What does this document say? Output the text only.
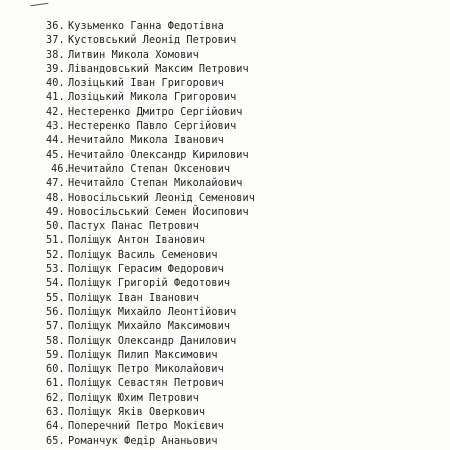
36. Кузьменко Ганна Федотівна
37. Кустовський Леонід Петрович
38. Литвин Микола Хомович
39. Лівандовський Максим Петрович
40. Лозіцький Іван Григорович
41. Лозіцький Микола Григорович
42. Нестеренко Дмитро Сергійович
43. Нестеренко Павло Сергійович
44. Нечитайло Микола Іванович
45. Нечитайло Олександр Кирилович
46.Нечитайло Степан Оксенович
47. Нечитайло Степан Миколайович
48. Новосільський Леонід Семенович
49. Новосільський Семен Йосипович
50. Пастух Панас Петрович
51. Поліщук Антон Іванович
52. Поліщук Василь Семенович
53. Поліщук Герасим Федорович
54. Поліщук Григорій Федотович
55. Поліщук Іван Іванович
56. Поліщук Михайло Леонтійович
57. Поліщук Михайло Максимович
58. Поліщук Олександр Данилович
59. Поліщук Пилип Максимович
60. Поліщук Петро Миколайович
61. Поліщук Севастян Петрович
62. Поліщук Юхим Петрович
63. Поліщук Яків Оверкович
64. Поперечний Петро Мокієвич
65. Романчук Федір Ананьович
